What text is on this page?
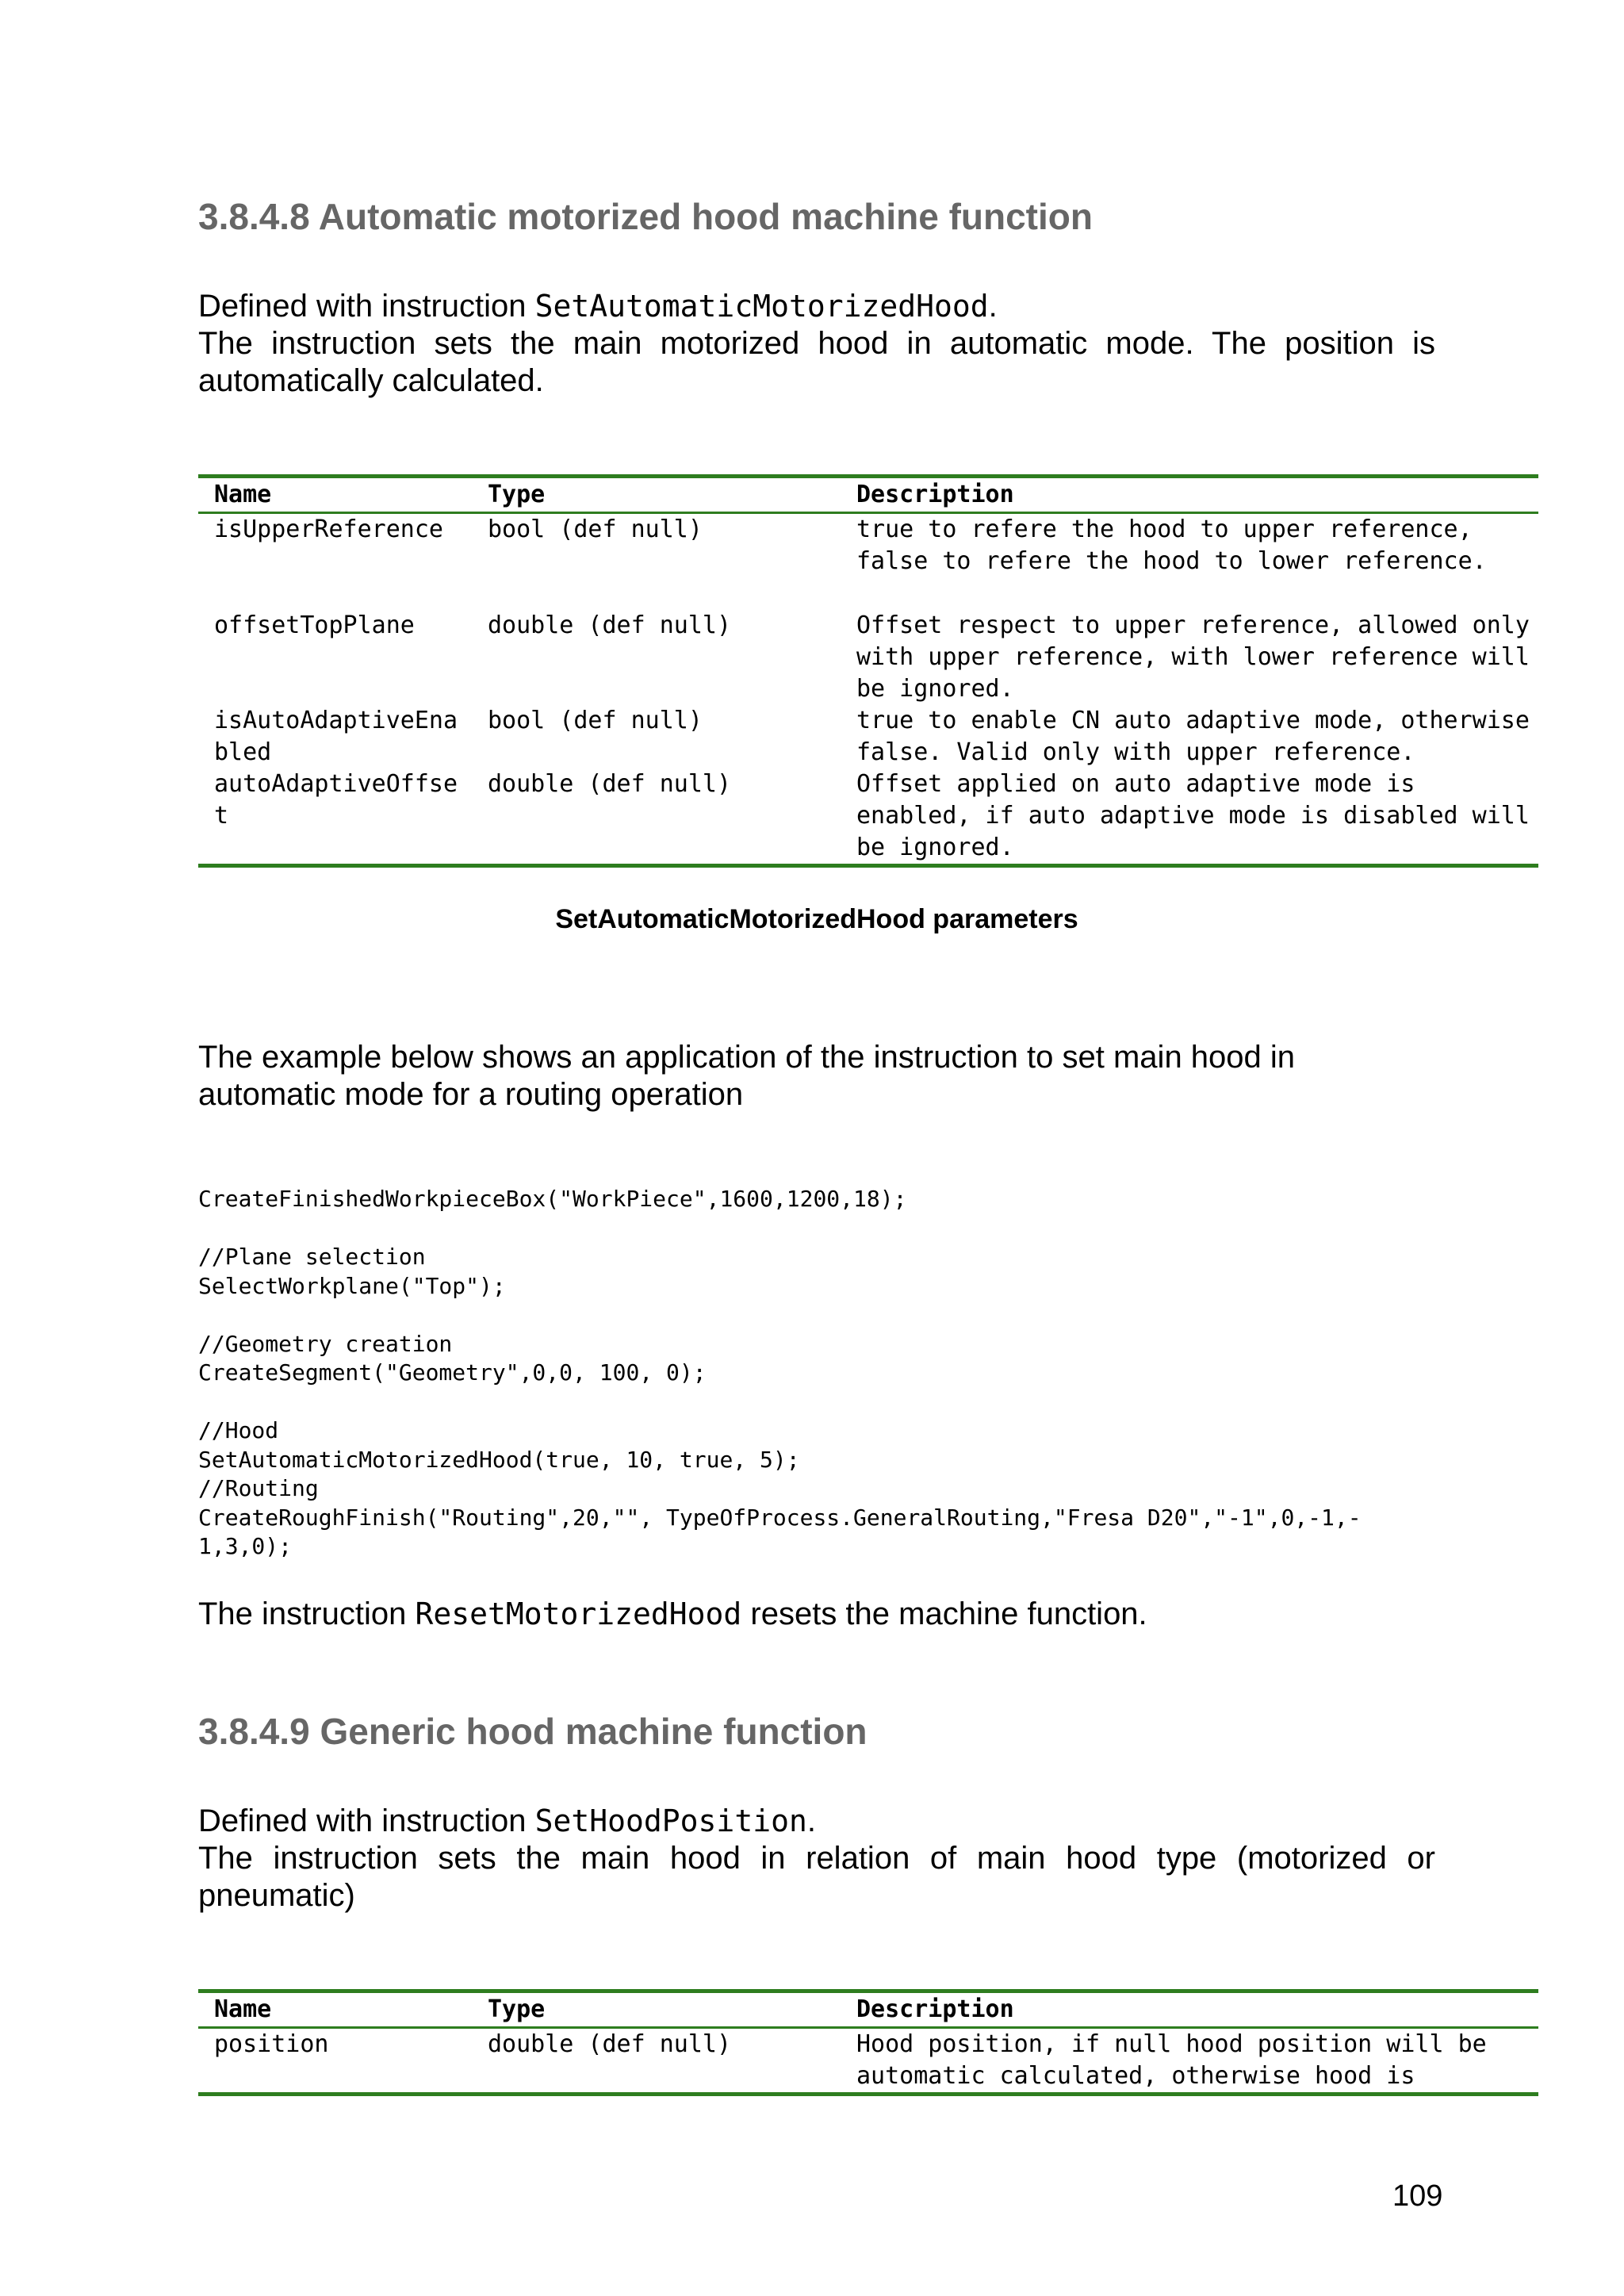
3.8.4.8 Automatic motorized hood machine function

Defined with instruction SetAutomaticMotorizedHood.

The instruction sets the main motorized hood in automatic mode. The position is automatically calculated.

Name	Type	Description
isUpperReference	bool (def null)	true to refere the hood to upper reference, false to refere the hood to lower reference.
offsetTopPlane	double (def null)	Offset respect to upper reference, allowed only with upper reference, with lower reference will be ignored.
isAutoAdaptiveEnabled	bool (def null)	true to enable CN auto adaptive mode, otherwise false. Valid only with upper reference.
autoAdaptiveOffset	double (def null)	Offset applied on auto adaptive mode is enabled, if auto adaptive mode is disabled will be ignored.

SetAutomaticMotorizedHood parameters

The example below shows an application of the instruction to set main hood in automatic mode for a routing operation

CreateFinishedWorkpieceBox("WorkPiece",1600,1200,18);

//Plane selection
SelectWorkplane("Top");

//Geometry creation
CreateSegment("Geometry",0,0, 100, 0);

//Hood
SetAutomaticMotorizedHood(true, 10, true, 5);
//Routing
CreateRoughFinish("Routing",20,"", TypeOfProcess.GeneralRouting,"Fresa D20","-1",0,-1,-
1,3,0);

The instruction ResetMotorizedHood resets the machine function.

3.8.4.9 Generic hood machine function

Defined with instruction SetHoodPosition.

The instruction sets the main hood in relation of main hood type (motorized or pneumatic)

Name	Type	Description
position	double (def null)	Hood position, if null hood position will be automatic calculated, otherwise hood is

109
